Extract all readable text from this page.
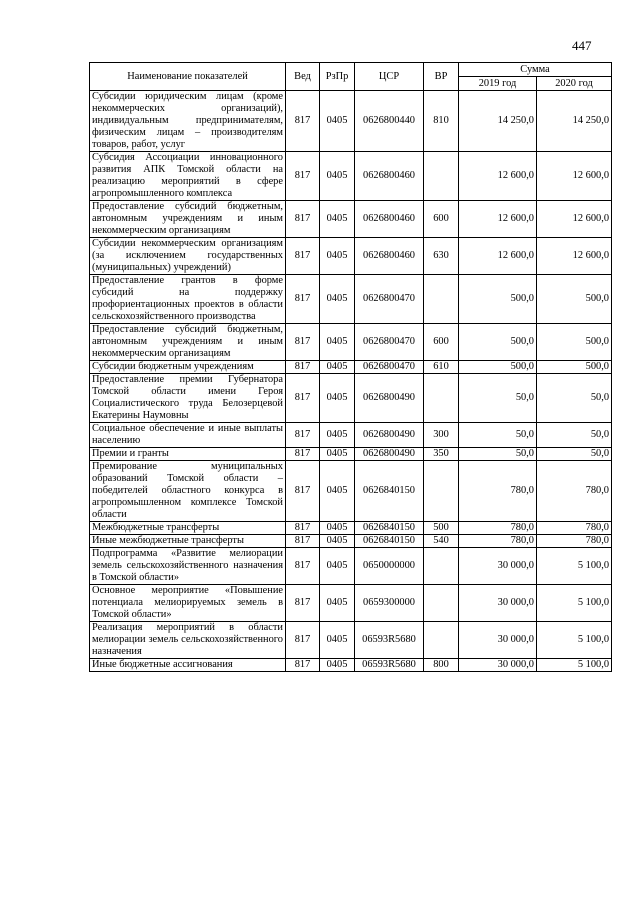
447
Наименование показателей	Вед	РзПр	ЦСР	ВР	Сумма	
					2019 год	2020 год
Субсидии юридическим лицам (кроме некоммерческих организаций), индивидуальным предпринимателям, физическим лицам – производителям товаров, работ, услуг	817	0405	0626800440	810	14 250,0	14 250,0
Субсидия Ассоциации инновационного развития АПК Томской области на реализацию мероприятий в сфере агропромышленного комплекса	817	0405	0626800460		12 600,0	12 600,0
Предоставление субсидий бюджетным, автономным учреждениям и иным некоммерческим организациям	817	0405	0626800460	600	12 600,0	12 600,0
Субсидии некоммерческим организациям (за исключением государственных (муниципальных) учреждений)	817	0405	0626800460	630	12 600,0	12 600,0
Предоставление грантов в форме субсидий на поддержку профориентационных проектов в области сельскохозяйственного производства	817	0405	0626800470		500,0	500,0
Предоставление субсидий бюджетным, автономным учреждениям и иным некоммерческим организациям	817	0405	0626800470	600	500,0	500,0
Субсидии бюджетным учреждениям	817	0405	0626800470	610	500,0	500,0
Предоставление премии Губернатора Томской области имени Героя Социалистического труда Белозерцевой Екатерины Наумовны	817	0405	0626800490		50,0	50,0
Социальное обеспечение и иные выплаты населению	817	0405	0626800490	300	50,0	50,0
Премии и гранты	817	0405	0626800490	350	50,0	50,0
Премирование муниципальных образований Томской области – победителей областного конкурса в агропромышленном комплексе Томской области	817	0405	0626840150		780,0	780,0
Межбюджетные трансферты	817	0405	0626840150	500	780,0	780,0
Иные межбюджетные трансферты	817	0405	0626840150	540	780,0	780,0
Подпрограмма «Развитие мелиорации земель сельскохозяйственного назначения в Томской области»	817	0405	0650000000		30 000,0	5 100,0
Основное мероприятие «Повышение потенциала мелиорируемых земель в Томской области»	817	0405	0659300000		30 000,0	5 100,0
Реализация мероприятий в области мелиорации земель сельскохозяйственного назначения	817	0405	06593R5680		30 000,0	5 100,0
Иные бюджетные ассигнования	817	0405	06593R5680	800	30 000,0	5 100,0
